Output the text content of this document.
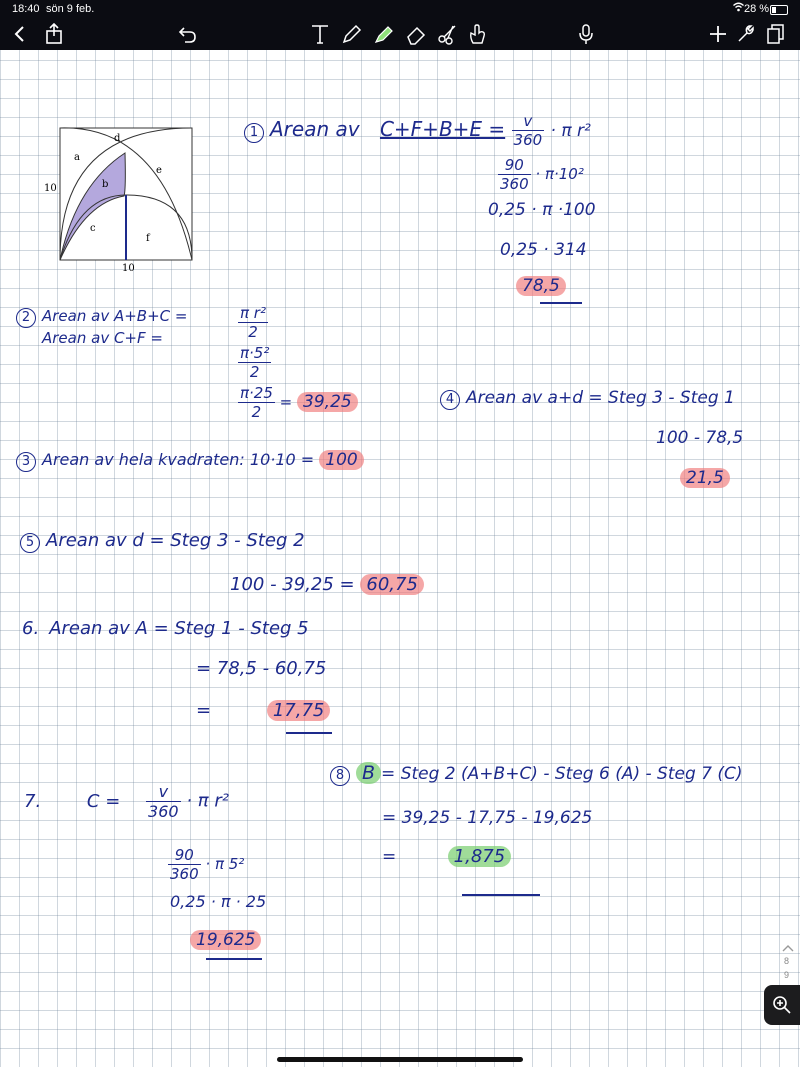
18:40 sön 9 feb.	28 %
d
a
b
e
c
f
10
10
1 Arean av $C+F+B+E = \frac{v}{360} \cdot \pi$ r²
$\frac{90}{360} \cdot \pi\cdot 10^2$
0,25 · π ·100
0,25 · 314
78,5
2 Arean av A+B+C =
Arean av C+F =	$\frac{\text{π r²}}{2}$
$\frac{\text{π·5²}}{2}$
$\frac{\pi\cdot 25}{2} = 39,25$
3 Arean av hela kvadraten: 10·10 = 100
4 Arean av a+d = Steg 3 - Steg 1
100 - 78,5
21,5
5 Arean av d = Steg 3 - Steg 2
100 - 39,25 = 60,75
6. Arean av A = Steg 1 - Steg 5
= 78,5 - 60,75
=	17,75
7.	$C = \frac{v}{360} \cdot \pi$ r²
$\frac{90}{360} \cdot \pi$ 5²
0,25 · π · 25
19,625
8 B = Steg 2 (A+B+C) - Steg 6 (A) - Steg 7 (C)
= 39,25 - 17,75 - 19,625
=	1,875
8
9
